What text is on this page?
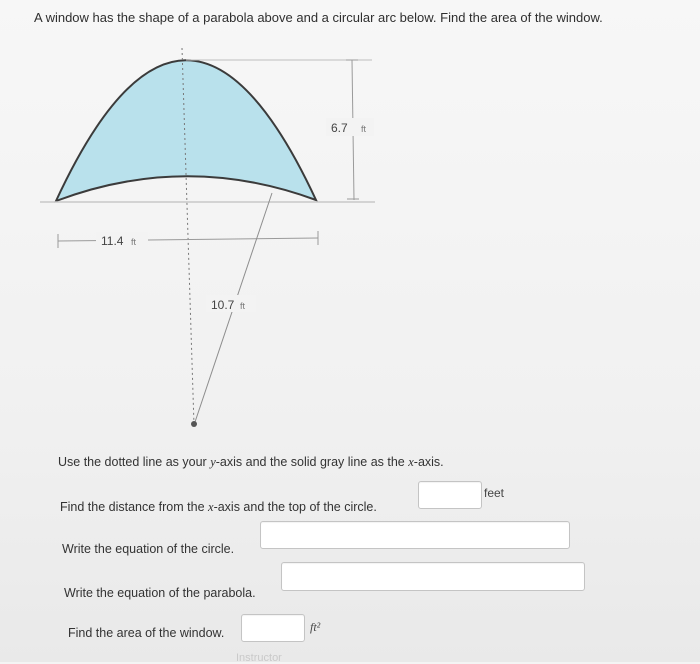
A window has the shape of a parabola above and a circular arc below. Find the area of the window.
6.7 ft
11.4 ft
10.7 ft
Use the dotted line as your y-axis and the solid gray line as the x-axis.
Find the distance from the x-axis and the top of the circle.
feet
Write the equation of the circle.
Write the equation of the parabola.
Find the area of the window.	ft²
Instructor
